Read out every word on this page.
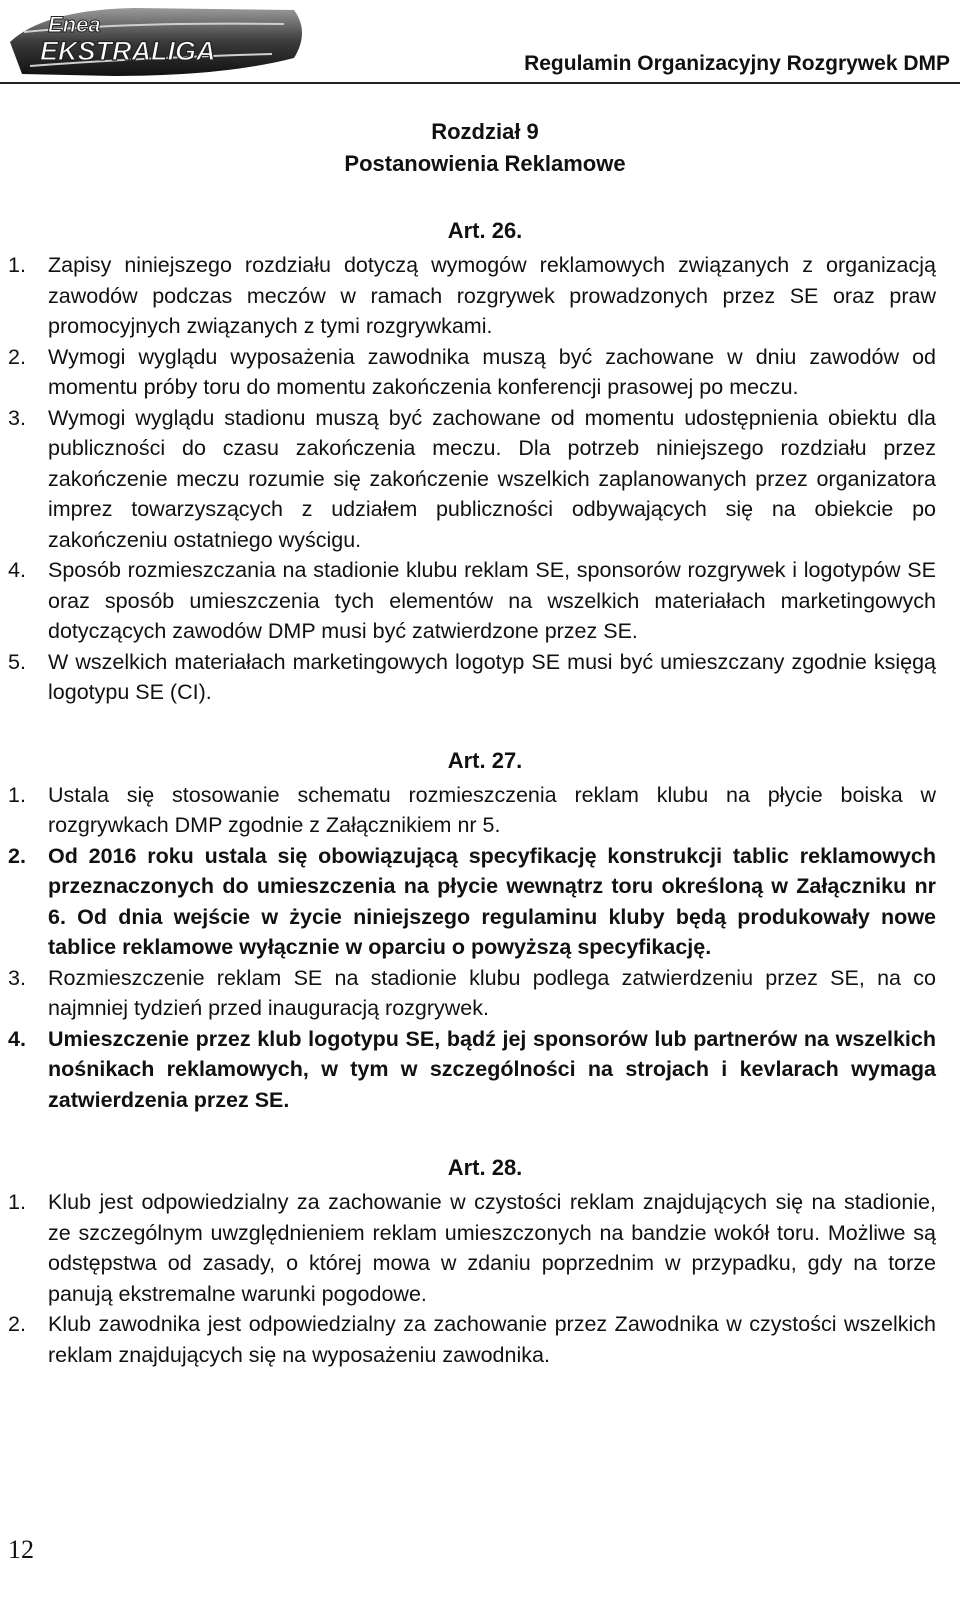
Enea
EKSTRALIGA	Regulamin Organizacyjny Rozgrywek DMP
Rozdział 9
Postanowienia Reklamowe
Art. 26.
1. Zapisy niniejszego rozdziału dotyczą wymogów reklamowych związanych z organizacją zawodów podczas meczów w ramach rozgrywek prowadzonych przez SE oraz praw promocyjnych związanych z tymi rozgrywkami.
2. Wymogi wyglądu wyposażenia zawodnika muszą być zachowane w dniu zawodów od momentu próby toru do momentu zakończenia konferencji prasowej po meczu.
3. Wymogi wyglądu stadionu muszą być zachowane od momentu udostępnienia obiektu dla publiczności do czasu zakończenia meczu. Dla potrzeb niniejszego rozdziału przez zakończenie meczu rozumie się zakończenie wszelkich zaplanowanych przez organizatora imprez towarzyszących z udziałem publiczności odbywających się na obiekcie po zakończeniu ostatniego wyścigu.
4. Sposób rozmieszczania na stadionie klubu reklam SE, sponsorów rozgrywek i logotypów SE oraz sposób umieszczenia tych elementów na wszelkich materiałach marketingowych dotyczących zawodów DMP musi być zatwierdzone przez SE.
5. W wszelkich materiałach marketingowych logotyp SE musi być umieszczany zgodnie księgą logotypu SE (CI).
Art. 27.
1. Ustala się stosowanie schematu rozmieszczenia reklam klubu na płycie boiska w rozgrywkach DMP zgodnie z Załącznikiem nr 5.
2. Od 2016 roku ustala się obowiązującą specyfikację konstrukcji tablic reklamowych przeznaczonych do umieszczenia na płycie wewnątrz toru określoną w Załączniku nr 6. Od dnia wejście w życie niniejszego regulaminu kluby będą produkowały nowe tablice reklamowe wyłącznie w oparciu o powyższą specyfikację.
3. Rozmieszczenie reklam SE na stadionie klubu podlega zatwierdzeniu przez SE, na co najmniej tydzień przed inauguracją rozgrywek.
4. Umieszczenie przez klub logotypu SE, bądź jej sponsorów lub partnerów na wszelkich nośnikach reklamowych, w tym w szczególności na strojach i kevlarach wymaga zatwierdzenia przez SE.
Art. 28.
1. Klub jest odpowiedzialny za zachowanie w czystości reklam znajdujących się na stadionie, ze szczególnym uwzględnieniem reklam umieszczonych na bandzie wokół toru. Możliwe są odstępstwa od zasady, o której mowa w zdaniu poprzednim w przypadku, gdy na torze panują ekstremalne warunki pogodowe.
2. Klub zawodnika jest odpowiedzialny za zachowanie przez Zawodnika w czystości wszelkich reklam znajdujących się na wyposażeniu zawodnika.
12
